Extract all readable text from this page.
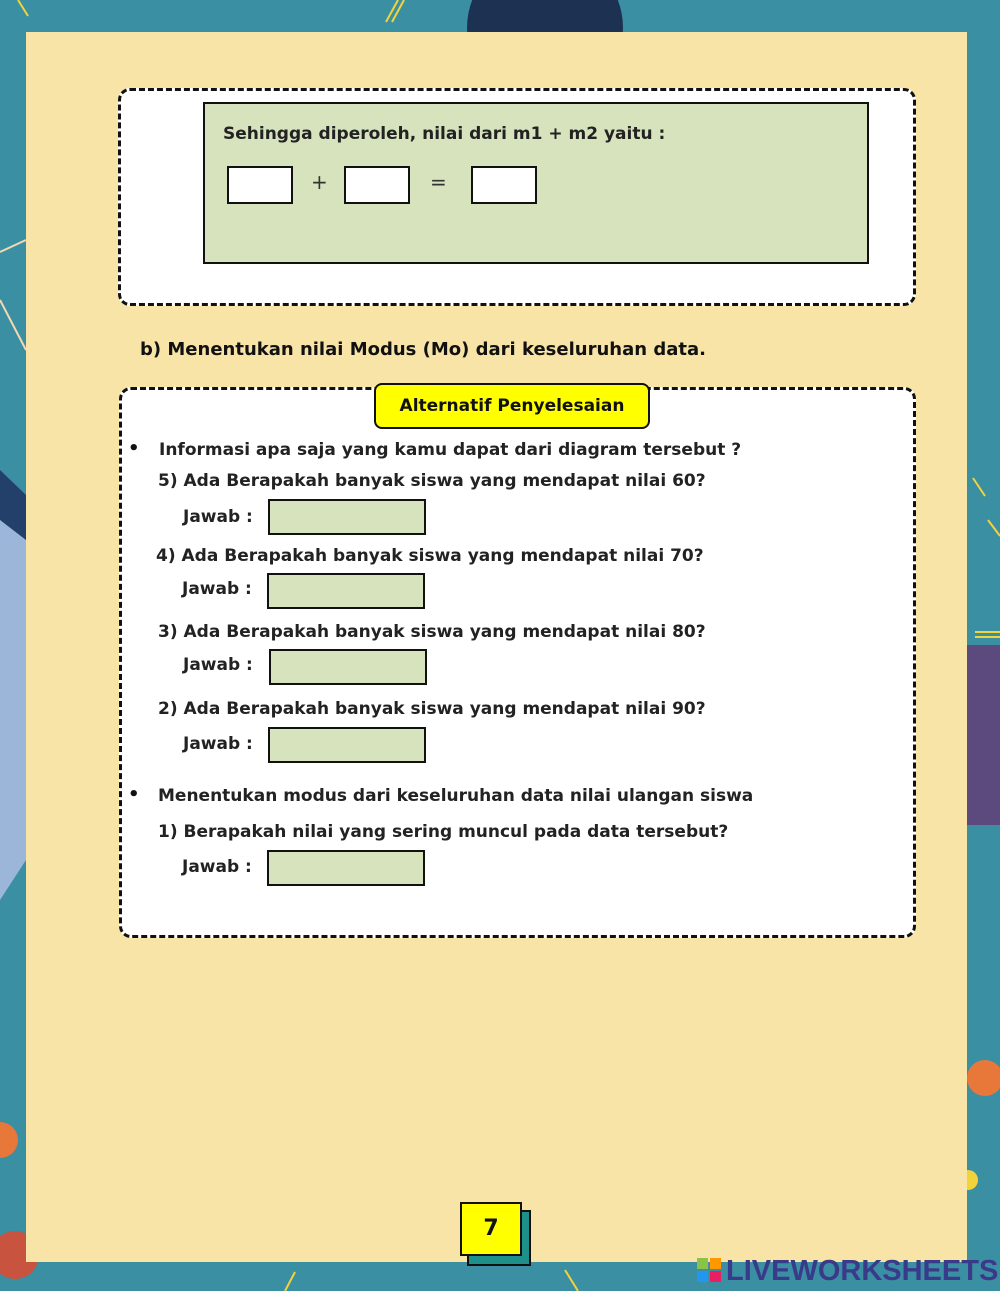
Sehingga diperoleh, nilai dari m1 + m2 yaitu :
+	=
b) Menentukan nilai Modus (Mo) dari keseluruhan data.
Alternatif Penyelesaian
• Informasi apa saja yang kamu dapat dari diagram tersebut ?
5) Ada Berapakah banyak siswa yang mendapat nilai 60?
Jawab :
4) Ada Berapakah banyak siswa yang mendapat nilai 70?
Jawab :
3) Ada Berapakah banyak siswa yang mendapat nilai 80?
Jawab :
2) Ada Berapakah banyak siswa yang mendapat nilai 90?
Jawab :
• Menentukan modus dari keseluruhan data nilai ulangan siswa
1) Berapakah nilai yang sering muncul pada data tersebut?
Jawab :
7
LIVEWORKSHEETS
